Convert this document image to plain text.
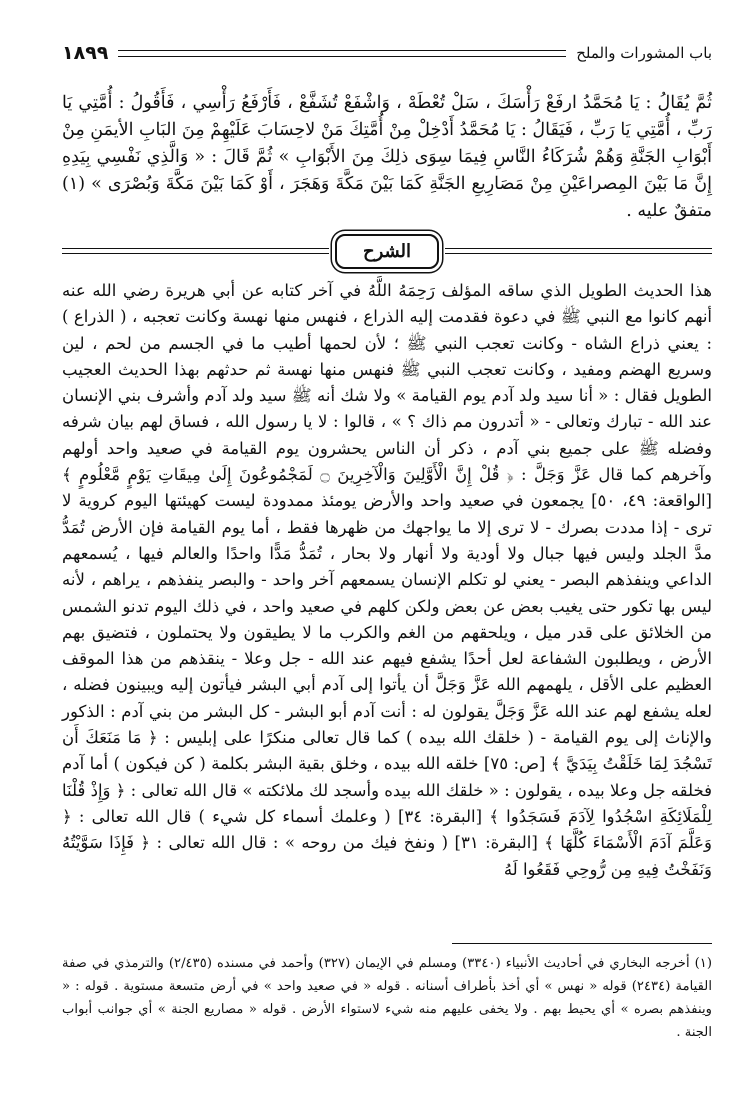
باب المشورات والملح
١٨٩٩

ثُمَّ يُقَالُ : يَا مُحَمَّدُ ارفَعْ رَأْسَكَ ، سَلْ تُعْطَهْ ، وَاشْفَعْ تُشَفَّعْ ، فَأَرْفَعُ رَأْسِي ، فَأَقُولُ : أُمَّتِي يَا رَبِّ ، أُمَّتِي يَا رَبِّ ، فَيَقَالُ : يَا مُحَمَّدُ أَدْخِلْ مِنْ أُمَّتِكَ مَنْ لاحِسَابَ عَلَيْهِمْ مِنَ البَابِ الأيمَنِ مِنْ أَبْوَابِ الجَنَّةِ وَهُمْ شُرَكَاءُ النَّاسِ فِيمَا سِوَى ذلِكَ مِنَ الأَبْوَابِ » ثُمَّ قَالَ : « وَالَّذِي نَفْسِي بِيَدِهِ إِنَّ مَا بَيْنَ المِصراعَيْنِ مِنْ مَصَارِيعِ الجَنَّةِ كَمَا بَيْنَ مَكَّةَ وَهَجَرَ ، أَوْ كَمَا بَيْنَ مَكَّةَ وَبُصْرَى » (١) متفقٌ عليه .

الشرح

هذا الحديث الطويل الذي ساقه المؤلف رَحِمَهُ اللَّهُ في آخر كتابه عن أبي هريرة رضي الله عنه أنهم كانوا مع النبي ﷺ في دعوة فقدمت إليه الذراع ، فنهس منها نهسة وكانت تعجبه ، ( الذراع ) : يعني ذراع الشاه - وكانت تعجب النبي ﷺ ؛ لأن لحمها أطيب ما في الجسم من لحم ، لين وسريع الهضم ومفيد ، وكانت تعجب النبي ﷺ فنهس منها نهسة ثم حدثهم بهذا الحديث العجيب الطويل فقال : « أنا سيد ولد آدم يوم القيامة » ولا شك أنه ﷺ سيد ولد آدم وأشرف بني الإنسان عند الله - تبارك وتعالى - « أتدرون مم ذاك ؟ » ، قالوا : لا يا رسول الله ، فساق لهم بيان شرفه وفضله ﷺ على جميع بني آدم ، ذكر أن الناس يحشرون يوم القيامة في صعيد واحد أولهم وآخرهم كما قال عَزَّ وَجَلَّ : ﴿ قُلْ إِنَّ الْأَوَّلِينَ وَالْآخِرِينَ ۝ لَمَجْمُوعُونَ إِلَىٰ مِيقَاتِ يَوْمٍ مَّعْلُومٍ ﴾ [الواقعة: ٤٩، ٥٠] يجمعون في صعيد واحد والأرض يومئذ ممدودة ليست كهيئتها اليوم كروية لا ترى - إذا مددت بصرك - لا ترى إلا ما يواجهك من ظهرها فقط ، أما يوم القيامة فإن الأرض تُمَدُّ مدَّ الجلد وليس فيها جبال ولا أودية ولا أنهار ولا بحار ، تُمَدُّ مَدًّا واحدًا والعالم فيها ، يُسمعهم الداعي وينفذهم البصر - يعني لو تكلم الإنسان يسمعهم آخر واحد - والبصر ينفذهم ، يراهم ، لأنه ليس بها تكور حتى يغيب بعض عن بعض ولكن كلهم في صعيد واحد ، في ذلك اليوم تدنو الشمس من الخلائق على قدر ميل ، ويلحقهم من الغم والكرب ما لا يطيقون ولا يحتملون ، فتضيق بهم الأرض ، ويطلبون الشفاعة لعل أحدًا يشفع فيهم عند الله - جل وعلا - ينقذهم من هذا الموقف العظيم على الأقل ، يلهمهم الله عَزَّ وَجَلَّ أن يأتوا إلى آدم أبي البشر فيأتون إليه ويبينون فضله ، لعله يشفع لهم عند الله عَزَّ وَجَلَّ يقولون له : أنت آدم أبو البشر - كل البشر من بني آدم : الذكور والإناث إلى يوم القيامة - ( خلقك الله بيده ) كما قال تعالى منكرًا على إبليس : ﴿ مَا مَنَعَكَ أَن تَسْجُدَ لِمَا خَلَقْتُ بِيَدَيَّ ﴾ [ص: ٧٥] خلقه الله بيده ، وخلق بقية البشر بكلمة ( كن فيكون ) أما آدم فخلقه جل وعلا بيده ، يقولون : « خلقك الله بيده وأسجد لك ملائكته » قال الله تعالى : ﴿ وَإِذْ قُلْنَا لِلْمَلَائِكَةِ اسْجُدُوا لِآدَمَ فَسَجَدُوا ﴾ [البقرة: ٣٤] ( وعلمك أسماء كل شيء ) قال الله تعالى : ﴿ وَعَلَّمَ آدَمَ الْأَسْمَاءَ كُلَّهَا ﴾ [البقرة: ٣١] ( ونفخ فيك من روحه » : قال الله تعالى : ﴿ فَإِذَا سَوَّيْتُهُ وَنَفَخْتُ فِيهِ مِن رُّوحِي فَقَعُوا لَهُ

(١) أخرجه البخاري في أحاديث الأنبياء (٣٣٤٠) ومسلم في الإيمان (٣٢٧) وأحمد في مسنده (٢/٤٣٥) والترمذي في صفة القيامة (٢٤٣٤) قوله « نهس » أي أخذ بأطراف أسنانه . قوله « في صعيد واحد » في أرض متسعة مستوية . قوله : « وينفذهم بصره » أي يحيط بهم . ولا يخفى عليهم منه شيء لاستواء الأرض . قوله « مصاريع الجنة » أي جوانب أبواب الجنة .
